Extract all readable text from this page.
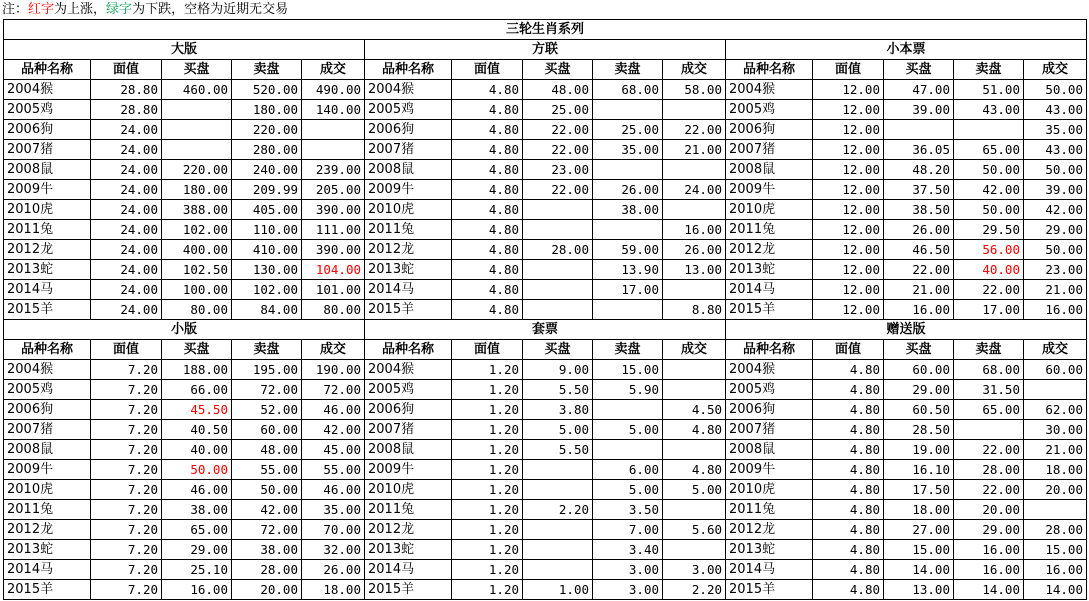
注：红字为上涨，绿字为下跌，空格为近期无交易
三轮生肖系列														
大版					方联					小本票				
品种名称	面值	买盘	卖盘	成交	品种名称	面值	买盘	卖盘	成交	品种名称	面值	买盘	卖盘	成交
2004猴	28.80	460.00	520.00	490.00	2004猴	4.80	48.00	68.00	58.00	2004猴	12.00	47.00	51.00	50.00
2005鸡	28.80		180.00	140.00	2005鸡	4.80	25.00			2005鸡	12.00	39.00	43.00	43.00
2006狗	24.00		220.00		2006狗	4.80	22.00	25.00	22.00	2006狗	12.00			35.00
2007猪	24.00		280.00		2007猪	4.80	22.00	35.00	21.00	2007猪	12.00	36.05	65.00	43.00
2008鼠	24.00	220.00	240.00	239.00	2008鼠	4.80	23.00			2008鼠	12.00	48.20	50.00	50.00
2009牛	24.00	180.00	209.99	205.00	2009牛	4.80	22.00	26.00	24.00	2009牛	12.00	37.50	42.00	39.00
2010虎	24.00	388.00	405.00	390.00	2010虎	4.80		38.00		2010虎	12.00	38.50	50.00	42.00
2011兔	24.00	102.00	110.00	111.00	2011兔	4.80			16.00	2011兔	12.00	26.00	29.50	29.00
2012龙	24.00	400.00	410.00	390.00	2012龙	4.80	28.00	59.00	26.00	2012龙	12.00	46.50	56.00	50.00
2013蛇	24.00	102.50	130.00	104.00	2013蛇	4.80		13.90	13.00	2013蛇	12.00	22.00	40.00	23.00
2014马	24.00	100.00	102.00	101.00	2014马	4.80		17.00		2014马	12.00	21.00	22.00	21.00
2015羊	24.00	80.00	84.00	80.00	2015羊	4.80			8.80	2015羊	12.00	16.00	17.00	16.00
小版					套票					赠送版				
品种名称	面值	买盘	卖盘	成交	品种名称	面值	买盘	卖盘	成交	品种名称	面值	买盘	卖盘	成交
2004猴	7.20	188.00	195.00	190.00	2004猴	1.20	9.00	15.00		2004猴	4.80	60.00	68.00	60.00
2005鸡	7.20	66.00	72.00	72.00	2005鸡	1.20	5.50	5.90		2005鸡	4.80	29.00	31.50	
2006狗	7.20	45.50	52.00	46.00	2006狗	1.20	3.80		4.50	2006狗	4.80	60.50	65.00	62.00
2007猪	7.20	40.50	60.00	42.00	2007猪	1.20	5.00	5.00	4.80	2007猪	4.80	28.50		30.00
2008鼠	7.20	40.00	48.00	45.00	2008鼠	1.20	5.50			2008鼠	4.80	19.00	22.00	21.00
2009牛	7.20	50.00	55.00	55.00	2009牛	1.20		6.00	4.80	2009牛	4.80	16.10	28.00	18.00
2010虎	7.20	46.00	50.00	46.00	2010虎	1.20		5.00	5.00	2010虎	4.80	17.50	22.00	20.00
2011兔	7.20	38.00	42.00	35.00	2011兔	1.20	2.20	3.50		2011兔	4.80	18.00	20.00	
2012龙	7.20	65.00	72.00	70.00	2012龙	1.20		7.00	5.60	2012龙	4.80	27.00	29.00	28.00
2013蛇	7.20	29.00	38.00	32.00	2013蛇	1.20		3.40		2013蛇	4.80	15.00	16.00	15.00
2014马	7.20	25.10	28.00	26.00	2014马	1.20		3.00	3.00	2014马	4.80	14.00	16.00	16.00
2015羊	7.20	16.00	20.00	18.00	2015羊	1.20	1.00	3.00	2.20	2015羊	4.80	13.00	14.00	14.00
